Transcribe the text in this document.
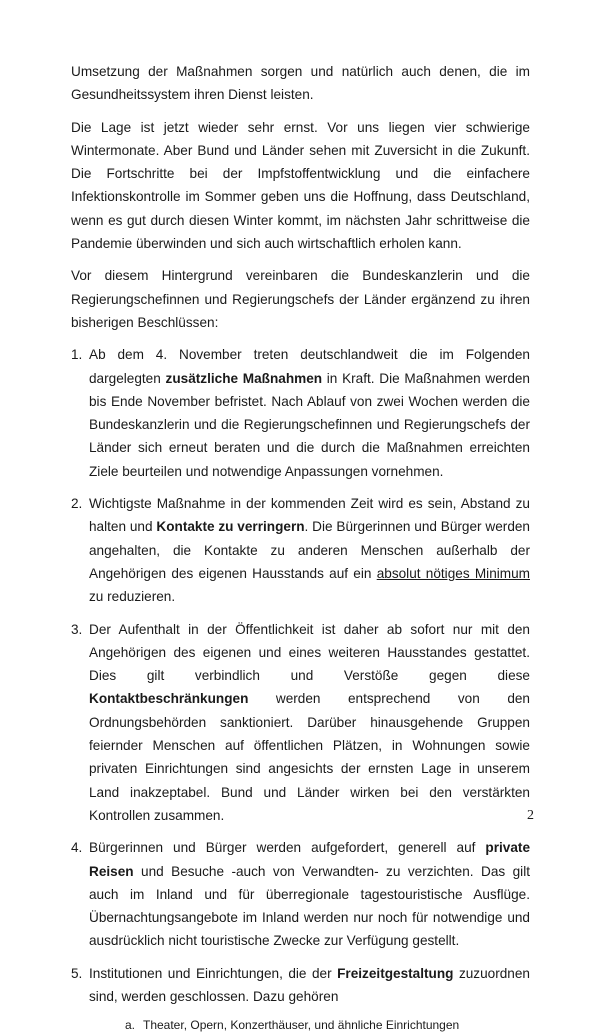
Umsetzung der Maßnahmen sorgen und natürlich auch denen, die im Gesundheitssystem ihren Dienst leisten.

Die Lage ist jetzt wieder sehr ernst. Vor uns liegen vier schwierige Wintermonate. Aber Bund und Länder sehen mit Zuversicht in die Zukunft. Die Fortschritte bei der Impfstoffentwicklung und die einfachere Infektionskontrolle im Sommer geben uns die Hoffnung, dass Deutschland, wenn es gut durch diesen Winter kommt, im nächsten Jahr schrittweise die Pandemie überwinden und sich auch wirtschaftlich erholen kann.

Vor diesem Hintergrund vereinbaren die Bundeskanzlerin und die Regierungschefinnen und Regierungschefs der Länder ergänzend zu ihren bisherigen Beschlüssen:

1. Ab dem 4. November treten deutschlandweit die im Folgenden dargelegten zusätzliche Maßnahmen in Kraft. Die Maßnahmen werden bis Ende November befristet. Nach Ablauf von zwei Wochen werden die Bundeskanzlerin und die Regierungschefinnen und Regierungschefs der Länder sich erneut beraten und die durch die Maßnahmen erreichten Ziele beurteilen und notwendige Anpassungen vornehmen.
2. Wichtigste Maßnahme in der kommenden Zeit wird es sein, Abstand zu halten und Kontakte zu verringern. Die Bürgerinnen und Bürger werden angehalten, die Kontakte zu anderen Menschen außerhalb der Angehörigen des eigenen Hausstands auf ein absolut nötiges Minimum zu reduzieren.
3. Der Aufenthalt in der Öffentlichkeit ist daher ab sofort nur mit den Angehörigen des eigenen und eines weiteren Hausstandes gestattet. Dies gilt verbindlich und Verstöße gegen diese Kontaktbeschränkungen werden entsprechend von den Ordnungsbehörden sanktioniert. Darüber hinausgehende Gruppen feiernder Menschen auf öffentlichen Plätzen, in Wohnungen sowie privaten Einrichtungen sind angesichts der ernsten Lage in unserem Land inakzeptabel. Bund und Länder wirken bei den verstärkten Kontrollen zusammen.
4. Bürgerinnen und Bürger werden aufgefordert, generell auf private Reisen und Besuche -auch von Verwandten- zu verzichten. Das gilt auch im Inland und für überregionale tagestouristische Ausflüge. Übernachtungsangebote im Inland werden nur noch für notwendige und ausdrücklich nicht touristische Zwecke zur Verfügung gestellt.
5. Institutionen und Einrichtungen, die der Freizeitgestaltung zuzuordnen sind, werden geschlossen. Dazu gehören
a. Theater, Opern, Konzerthäuser, und ähnliche Einrichtungen
2
